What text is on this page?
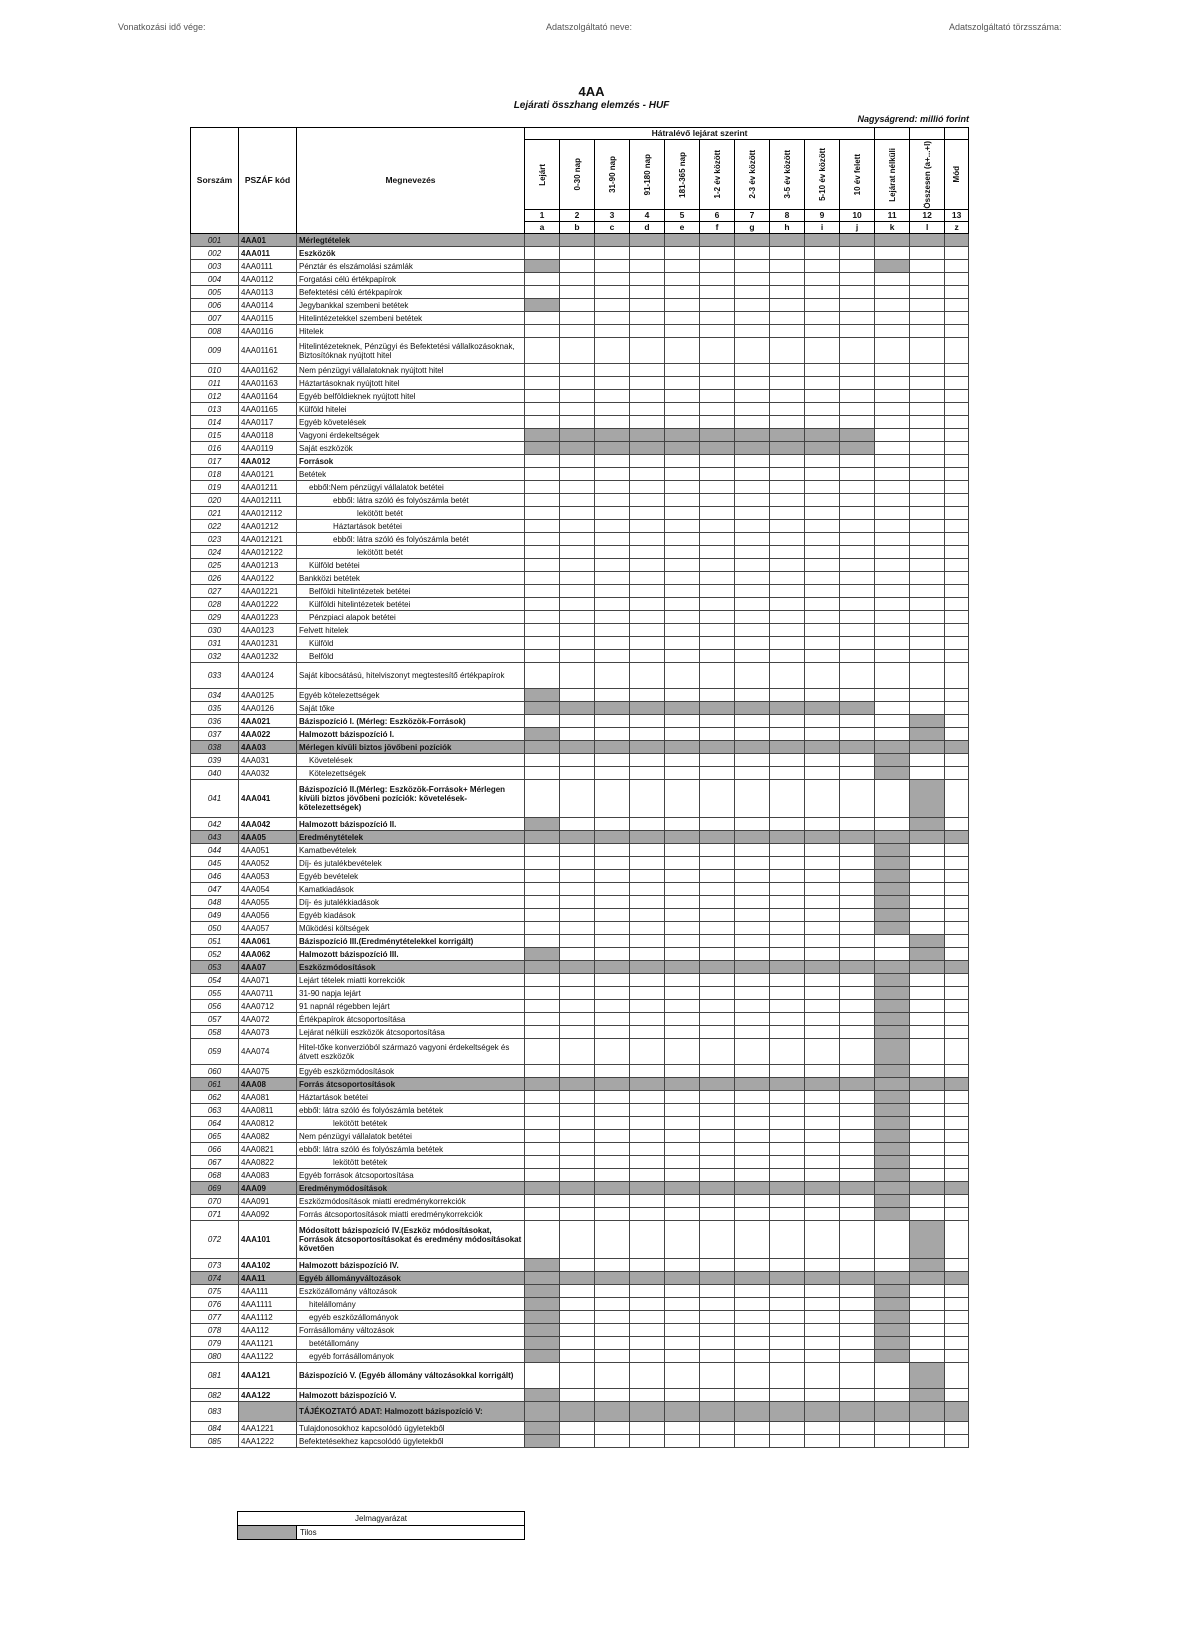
Vonatkozási idő vége:	Adatszolgáltató neve:	Adatszolgáltató törzsszáma:
4AA
Lejárati összhang elemzés - HUF
Nagyságrend: millió forint
Sorszám	PSZÁF kód	Megnevezés	Hátralévő lejárat szerint												

			Lejárt	0-30 nap	31-90 nap	91-180 nap	181-365 nap	1-2 év között	2-3 év között	3-5 év között	5-10 év között	10 év felett	Lejárat nélküli	Összesen (a+...+l)	Mód

			1	2	3	4	5	6	7	8	9	10	11	12	13
			a	b	c	d	e	f	g	h	i	j	k	l	z
001	4AA01	Mérlegtételek													
002	4AA011	Eszközök													
003	4AA0111	Pénztár és elszámolási számlák													
004	4AA0112	Forgatási célú értékpapírok													
005	4AA0113	Befektetési célú értékpapírok													
006	4AA0114	Jegybankkal szembeni betétek													
007	4AA0115	Hitelintézetekkel szembeni betétek													
008	4AA0116	Hitelek													
009	4AA01161	Hitelintézeteknek, Pénzügyi és Befektetési vállalkozásoknak, Biztosítóknak nyújtott hitel													
010	4AA01162	Nem pénzügyi vállalatoknak nyújtott hitel													
011	4AA01163	Háztartásoknak nyújtott hitel													
012	4AA01164	Egyéb belföldieknek nyújtott hitel													
013	4AA01165	Külföld hitelei													
014	4AA0117	Egyéb követelések													
015	4AA0118	Vagyoni érdekeltségek													
016	4AA0119	Saját eszközök													
017	4AA012	Források													
018	4AA0121	Betétek													
019	4AA01211	ebből:Nem pénzügyi vállalatok betétei													
020	4AA012111	ebből: látra szóló és folyószámla betét													
021	4AA012112	lekötött betét													
022	4AA01212	Háztartások betétei													
023	4AA012121	ebből: látra szóló és folyószámla betét													
024	4AA012122	lekötött betét													
025	4AA01213	Külföld betétei													
026	4AA0122	Bankközi betétek													
027	4AA01221	Belföldi hitelintézetek betétei													
028	4AA01222	Külföldi hitelintézetek betétei													
029	4AA01223	Pénzpiaci alapok betétei													
030	4AA0123	Felvett hitelek													
031	4AA01231	Külföld													
032	4AA01232	Belföld													
033	4AA0124	Saját kibocsátású, hitelviszonyt megtestesítő értékpapírok													
034	4AA0125	Egyéb kötelezettségek													
035	4AA0126	Saját tőke													
036	4AA021	Bázispozíció I. (Mérleg: Eszközök-Források)													
037	4AA022	Halmozott bázispozíció I.													
038	4AA03	Mérlegen kívüli biztos jövőbeni pozíciók													
039	4AA031	Követelések													
040	4AA032	Kötelezettségek													
041	4AA041	Bázispozíció II.(Mérleg: Eszközök-Források+ Mérlegen kívüli biztos jövőbeni pozíciók: követelések- kötelezettségek)													
042	4AA042	Halmozott bázispozíció II.													
043	4AA05	Eredménytételek													
044	4AA051	Kamatbevételek													
045	4AA052	Díj- és jutalékbevételek													
046	4AA053	Egyéb bevételek													
047	4AA054	Kamatkiadások													
048	4AA055	Díj- és jutalékkiadások													
049	4AA056	Egyéb kiadások													
050	4AA057	Működési költségek													
051	4AA061	Bázispozíció III.(Eredménytételekkel korrigált)													
052	4AA062	Halmozott bázispozíció III.													
053	4AA07	Eszközmódosítások													
054	4AA071	Lejárt tételek miatti korrekciók													
055	4AA0711	31-90 napja lejárt													
056	4AA0712	91 napnál régebben lejárt													
057	4AA072	Értékpapírok átcsoportosítása													
058	4AA073	Lejárat nélküli eszközök átcsoportosítása													
059	4AA074	Hitel-tőke konverzióból származó vagyoni érdekeltségek és átvett eszközök													
060	4AA075	Egyéb eszközmódosítások													
061	4AA08	Forrás átcsoportosítások													
062	4AA081	Háztartások betétei													
063	4AA0811	ebből: látra szóló és folyószámla betétek													
064	4AA0812	lekötött betétek													
065	4AA082	Nem pénzügyi vállalatok betétei													
066	4AA0821	ebből: látra szóló és folyószámla betétek													
067	4AA0822	lekötött betétek													
068	4AA083	Egyéb források átcsoportosítása													
069	4AA09	Eredménymódosítások													
070	4AA091	Eszközmódosítások miatti eredménykorrekciók													
071	4AA092	Forrás átcsoportosítások miatti eredménykorrekciók													
072	4AA101	Módosított bázispozíció IV.(Eszköz módosításokat, Források átcsoportosításokat és eredmény módosításokat követően													
073	4AA102	Halmozott bázispozíció IV.													
074	4AA11	Egyéb állományváltozások													
075	4AA111	Eszközállomány változások													
076	4AA1111	hitelállomány													
077	4AA1112	egyéb eszközállományok													
078	4AA112	Forrásállomány változások													
079	4AA1121	betétállomány													
080	4AA1122	egyéb forrásállományok													
081	4AA121	Bázispozíció V. (Egyéb állomány változásokkal korrigált)													
082	4AA122	Halmozott bázispozíció V.													
083		TÁJÉKOZTATÓ ADAT: Halmozott bázispozíció V:													
084	4AA1221	Tulajdonosokhoz kapcsolódó ügyletekből													
085	4AA1222	Befektetésekhez kapcsolódó ügyletekből													
Jelmagyarázat
	Tilos
